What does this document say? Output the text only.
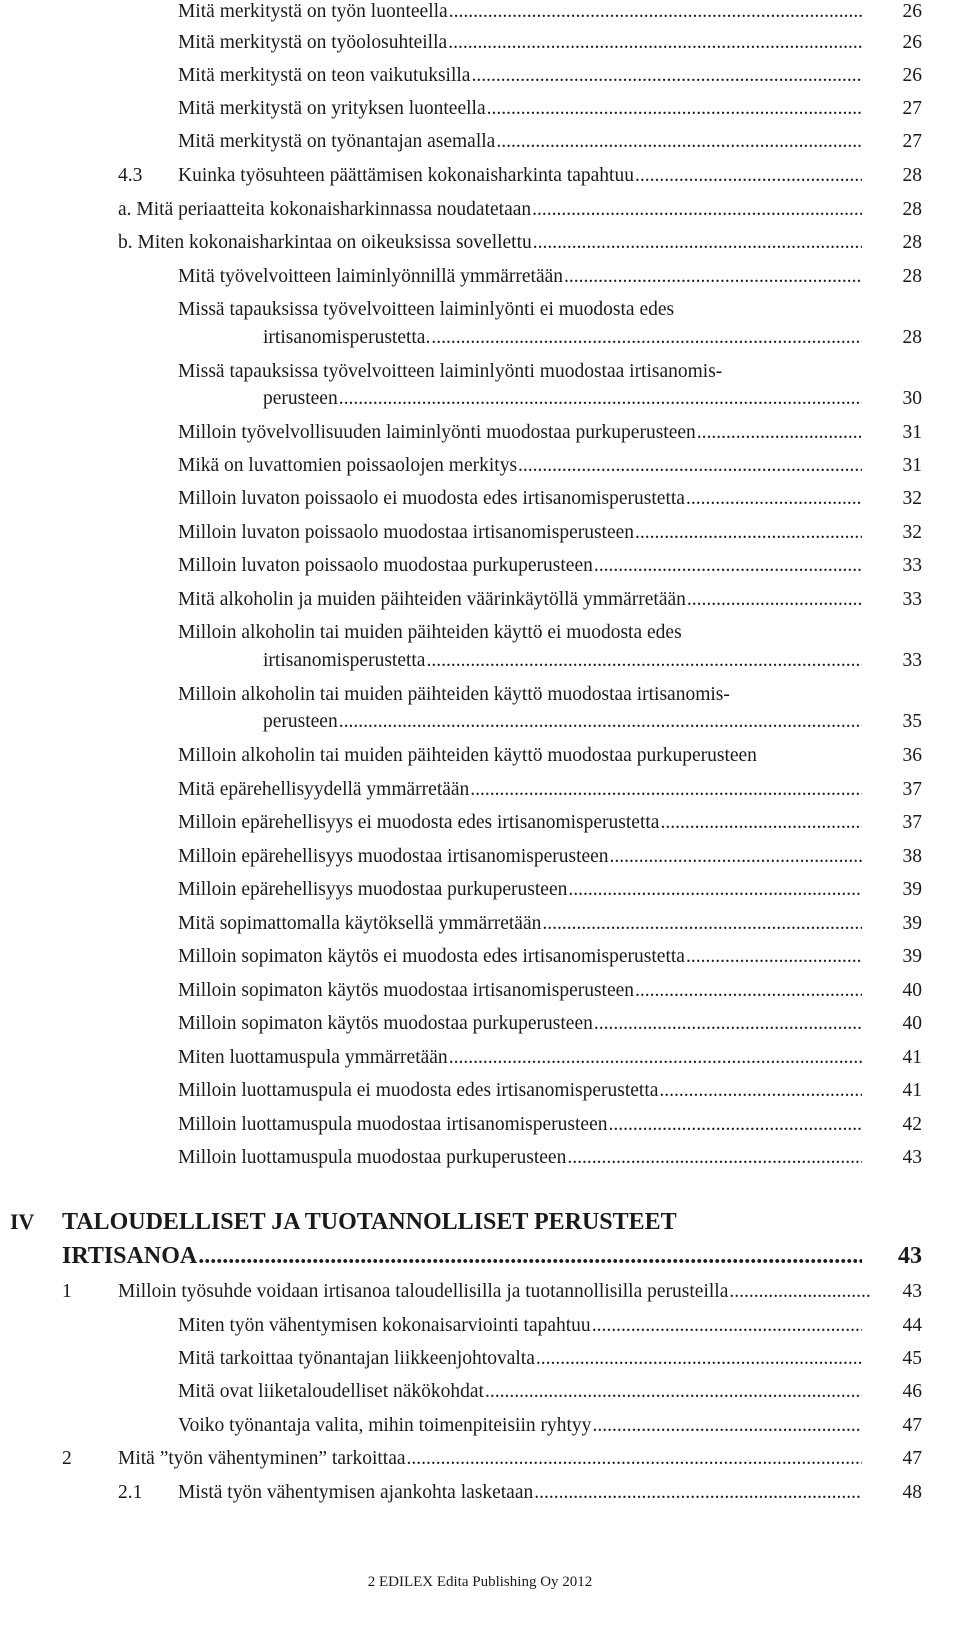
Mitä merkitystä on työn luonteella .....	26
Mitä merkitystä on työolosuhteilla .....	26
Mitä merkitystä on teon vaikutuksilla .....	26
Mitä merkitystä on yrityksen luonteella .....	27
Mitä merkitystä on työnantajan asemalla .....	27
4.3 Kuinka työsuhteen päättämisen kokonaisharkinta tapahtuu .....	28
a. Mitä periaatteita kokonaisharkinnassa noudatetaan .....	28
b. Miten kokonaisharkintaa on oikeuksissa sovellettu .....	28
Mitä työvelvoitteen laiminlyönnillä ymmärretään .....	28
Missä tapauksissa työvelvoitteen laiminlyönti ei muodosta edes
irtisanomisperustetta. .....	28
Missä tapauksissa työvelvoitteen laiminlyönti muodostaa irtisanomis-
perusteen .....	30
Milloin työvelvollisuuden laiminlyönti muodostaa purkuperusteen .....	31
Mikä on luvattomien poissaolojen merkitys .....	31
Milloin luvaton poissaolo ei muodosta edes irtisanomisperustetta .....	32
Milloin luvaton poissaolo muodostaa irtisanomisperusteen .....	32
Milloin luvaton poissaolo muodostaa purkuperusteen .....	33
Mitä alkoholin ja muiden päihteiden väärinkäytöllä ymmärretään .....	33
Milloin alkoholin tai muiden päihteiden käyttö ei muodosta edes
irtisanomisperustetta .....	33
Milloin alkoholin tai muiden päihteiden käyttö muodostaa irtisanomis-
perusteen .....	35
Milloin alkoholin tai muiden päihteiden käyttö muodostaa purkuperusteen	36
Mitä epärehellisyydellä ymmärretään .....	37
Milloin epärehellisyys ei muodosta edes irtisanomisperustetta .....	37
Milloin epärehellisyys muodostaa irtisanomisperusteen .....	38
Milloin epärehellisyys muodostaa purkuperusteen .....	39
Mitä sopimattomalla käytöksellä ymmärretään .....	39
Milloin sopimaton käytös ei muodosta edes irtisanomisperustetta .....	39
Milloin sopimaton käytös muodostaa irtisanomisperusteen .....	40
Milloin sopimaton käytös muodostaa purkuperusteen .....	40
Miten luottamuspula ymmärretään .....	41
Milloin luottamuspula ei muodosta edes irtisanomisperustetta .....	41
Milloin luottamuspula muodostaa irtisanomisperusteen .....	42
Milloin luottamuspula muodostaa purkuperusteen .....	43
IV TALOUDELLISET JA TUOTANNOLLISET PERUSTEET
IRTISANOA .....	43
1 Milloin työsuhde voidaan irtisanoa taloudellisilla ja tuotannollisilla perusteilla .....	43
Miten työn vähentymisen kokonaisarviointi tapahtuu .....	44
Mitä tarkoittaa työnantajan liikkeenjohtovalta .....	45
Mitä ovat liiketaloudelliset näkökohdat .....	46
Voiko työnantaja valita, mihin toimenpiteisiin ryhtyy .....	47
2 Mitä ”työn vähentyminen” tarkoittaa .....	47
2.1 Mistä työn vähentymisen ajankohta lasketaan .....	48
2 EDILEX Edita Publishing Oy 2012
